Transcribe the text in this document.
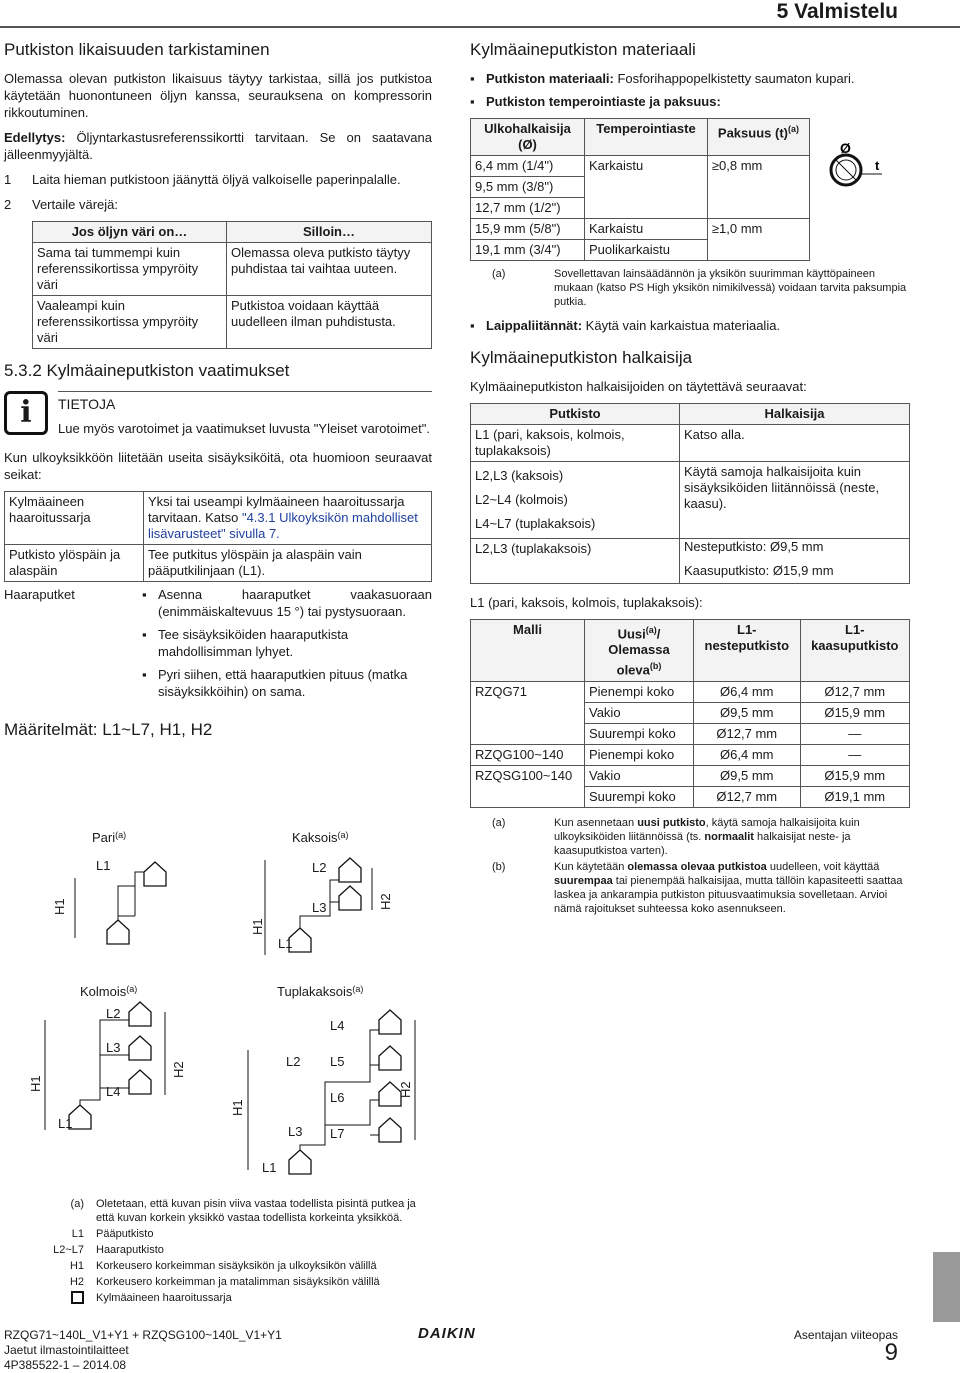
5 Valmistelu
Putkiston likaisuuden tarkistaminen

Olemassa olevan putkiston likaisuus täytyy tarkistaa, sillä jos putkistoa käytetään huonontuneen öljyn kanssa, seurauksena on kompressorin rikkoutuminen.

Edellytys: Öljyntarkastusreferenssikortti tarvitaan. Se on saatavana jälleenmyyjältä.

1	Laita hieman putkistoon jäänyttä öljyä valkoiselle paperinpalalle.
2	Vertaile värejä:
Jos öljyn väri on…	Silloin…
Sama tai tummempi kuin referenssikortissa ympyröity väri	Olemassa oleva putkisto täytyy puhdistaa tai vaihtaa uuteen.
Vaaleampi kuin referenssikortissa ympyröity väri	Putkistoa voidaan käyttää uudelleen ilman puhdistusta.
5.3.2 Kylmäaineputkiston vaatimukset
i	TIETOJA
Lue myös varotoimet ja vaatimukset luvusta "Yleiset varotoimet".

Kun ulkoyksikköön liitetään useita sisäyksiköitä, ota huomioon seuraavat seikat:

Kylmäaineen haaroitussarja	Yksi tai useampi kylmäaineen haaroitussarja tarvitaan. Katso "4.3.1 Ulkoyksikön mahdolliset lisävarusteet" sivulla 7.
Putkisto ylöspäin ja alaspäin	Tee putkitus ylöspäin ja alaspäin vain pääputkilinjaan (L1).
Haaraputket	▪ Asenna haaraputket vaakasuoraan (enimmäiskaltevuus 15 °) tai pystysuoraan.
▪ Tee sisäyksiköiden haaraputkista mahdollisimman lyhyet.
▪ Pyri siihen, että haaraputkien pituus (matka sisäyksikköihin) on sama.
Määritelmät: L1~L7, H1, H2
Pari$^{(a)}$
L1
H1
Kaksois$^{(a)}$
L2
L3
L1
H1
H2
Kolmois$^{(a)}$
L2
L3
L4
L1
H1
H2
Tuplakaksois$^{(a)}$
L4
L5
L2
L6
L3 L7
L1
H1
H2
(a)	Oletetaan, että kuvan pisin viiva vastaa todellista pisintä putkea ja että kuvan korkein yksikkö vastaa todellista korkeinta yksikköä.
L1	Pääputkisto
L2~L7	Haaraputkisto
H1	Korkeusero korkeimman sisäyksikön ja ulkoyksikön välillä
H2	Korkeusero korkeimman ja matalimman sisäyksikön välillä
Kylmäaineen haaroitussarja
Kylmäaineputkiston materiaali
▪ Putkiston materiaali: Fosforihappopelkistetty saumaton kupari.
▪ Putkiston temperointiaste ja paksuus:
Ulkohalkaisija (Ø)	Temperointiaste	Paksuus $(t)^{(a)}$
6,4 mm (1/4")	Karkaistu	≥0,8 mm
9,5 mm (3/8")		
12,7 mm (1/2")		
15,9 mm (5/8")	Karkaistu	≥1,0 mm
19,1 mm (3/4")	Puolikarkaistu	
Ø
t
(a)	Sovellettavan lainsäädännön ja yksikön suurimman käyttöpaineen mukaan (katso PS High yksikön nimikilvessä) voidaan tarvita paksumpia putkia.
▪ Laippaliitännät: Käytä vain karkaistua materiaalia.
Kylmäaineputkiston halkaisija

Kylmäaineputkiston halkaisijoiden on täytettävä seuraavat:

Putkisto	Halkaisija
L1 (pari, kaksois, kolmois, tuplakaksois)	Katso alla.
L2,L3 (kaksois)
L2~L4 (kolmois)
L4~L7 (tuplakaksois)	Käytä samoja halkaisijoita kuin sisäyksiköiden liitännöissä (neste, kaasu).
L2,L3 (tuplakaksois)	Nesteputkisto: Ø9,5 mm

Kaasuputkisto: Ø15,9 mm

L1 (pari, kaksois, kolmois, tuplakaksois):

Malli	Uusi$^{(a)}$/ Olemassa oleva$^{(b)}$	L1-nesteputkisto	L1-kaasuputkisto
RZQG71	Pienempi koko	Ø6,4 mm	Ø12,7 mm
	Vakio	Ø9,5 mm	Ø15,9 mm
	Suurempi koko	Ø12,7 mm	—
RZQG100~140	Pienempi koko	Ø6,4 mm	—
RZQSG100~140	Vakio	Ø9,5 mm	Ø15,9 mm
	Suurempi koko	Ø12,7 mm	Ø19,1 mm
(a)	Kun asennetaan uusi putkisto, käytä samoja halkaisijoita kuin ulkoyksiköiden liitännöissä (ts. normaalit halkaisijat neste- ja kaasuputkistoa varten).
(b)	Kun käytetään olemassa olevaa putkistoa uudelleen, voit käyttää suurempaa tai pienempää halkaisijaa, mutta tällöin kapasiteetti saattaa laskea ja ankarampia putkiston pituusvaatimuksia sovelletaan. Arvioi nämä rajoitukset suhteessa koko asennukseen.
RZQG71~140L_V1+Y1 + RZQSG100~140L_V1+Y1
Jaetut ilmastointilaitteet
4P385522-1 – 2014.08
DAIKIN	Asentajan viiteopas
9
